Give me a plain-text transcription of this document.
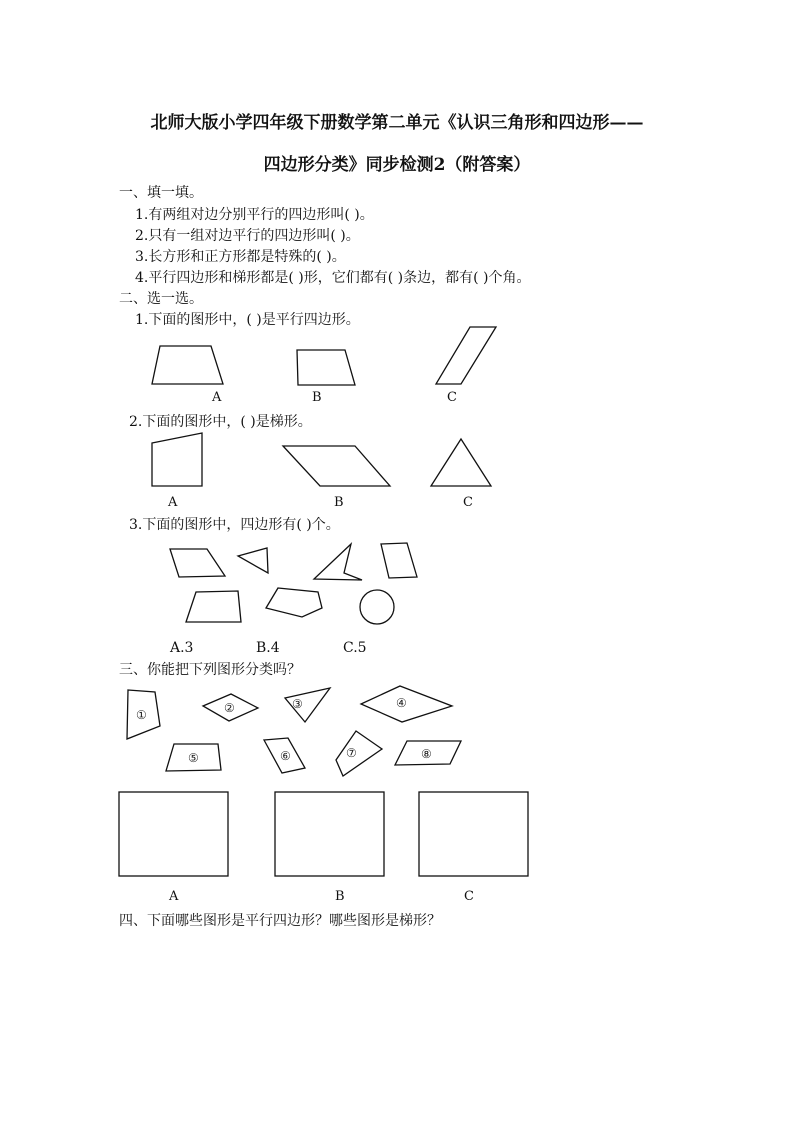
北师大版小学四年级下册数学第二单元《认识三角形和四边形——
四边形分类》同步检测2（附答案）
一、填一填。
1.有两组对边分别平行的四边形叫( )。
2.只有一组对边平行的四边形叫( )。
3.长方形和正方形都是特殊的( )。
4.平行四边形和梯形都是( )形，它们都有( )条边，都有( )个角。
二、选一选。
1.下面的图形中，( )是平行四边形。
A	B	C
2.下面的图形中，( )是梯形。
A	B	C
3.下面的图形中，四边形有( )个。
A.3	B.4	C.5
三、你能把下列图形分类吗？
①	②	③	④
⑤	⑥	⑦	⑧
A	B	C
四、下面哪些图形是平行四边形？哪些图形是梯形？
